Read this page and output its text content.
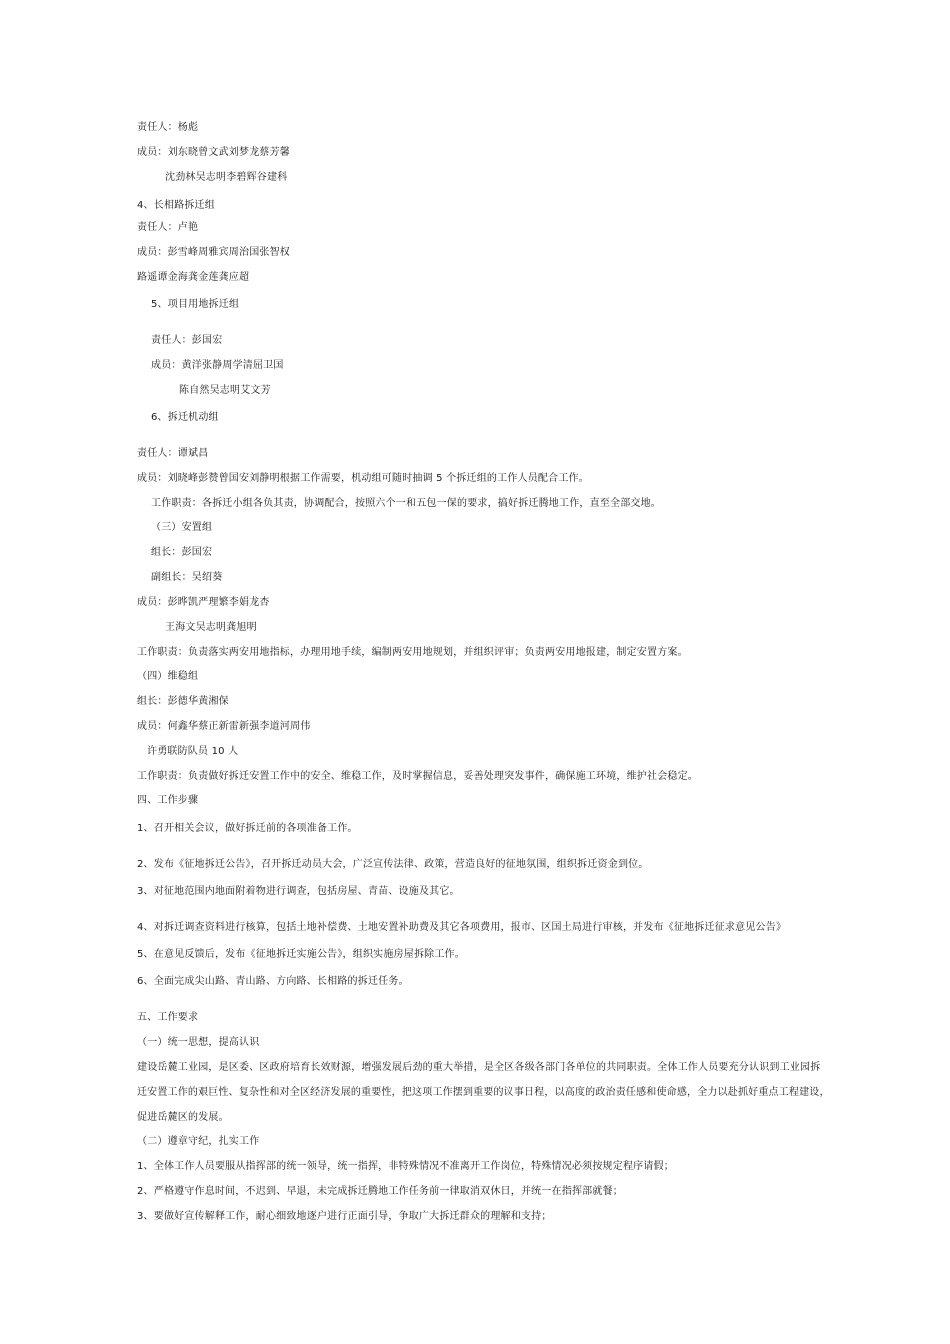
责任人：杨彪
成员：刘东晓曾文武刘梦龙蔡芳馨
沈劲林吴志明李碧辉谷建科
4、长相路拆迁组
责任人：卢艳
成员：彭雪峰周雅宾周治国张智权
路遥谭金海龚金莲龚应超
5、项目用地拆迁组
责任人：彭国宏
成员：黄洋张静周学清屈卫国
陈自然吴志明艾文芳
6、拆迁机动组
责任人：谭斌昌
成员：刘晓峰彭赞曾国安刘静明根据工作需要，机动组可随时抽调 5 个拆迁组的工作人员配合工作。
工作职责：各拆迁小组各负其责，协调配合，按照六个一和五包一保的要求，搞好拆迁腾地工作，直至全部交地。
（三）安置组
组长：彭国宏
副组长：吴绍葵
成员：彭晔凯严理繁李娟龙杏
王海文吴志明龚旭明
工作职责：负责落实两安用地指标，办理用地手续，编制两安用地规划，并组织评审；负责两安用地报建，制定安置方案。
（四）维稳组
组长：彭德华黄湘保
成员：何鑫华蔡正新雷新强李道河周伟
许勇联防队员 10 人
工作职责：负责做好拆迁安置工作中的安全、维稳工作，及时掌握信息，妥善处理突发事件，确保施工环境，维护社会稳定。
四、工作步骤
1、召开相关会议，做好拆迁前的各项准备工作。
2、发布《征地拆迁公告》，召开拆迁动员大会，广泛宣传法律、政策，营造良好的征地氛围，组织拆迁资金到位。
3、对征地范围内地面附着物进行调查，包括房屋、青苗、设施及其它。
4、对拆迁调查资料进行核算，包括土地补偿费、土地安置补助费及其它各项费用，报市、区国土局进行审核，并发布《征地拆迁征求意见公告》
5、在意见反馈后，发布《征地拆迁实施公告》，组织实施房屋拆除工作。
6、全面完成尖山路、青山路、方向路、长相路的拆迁任务。
五、工作要求
（一）统一思想，提高认识
建设岳麓工业园，是区委、区政府培育长效财源，增强发展后劲的重大举措，是全区各级各部门各单位的共同职责。全体工作人员要充分认识到工业园拆
迁安置工作的艰巨性、复杂性和对全区经济发展的重要性，把这项工作摆到重要的议事日程，以高度的政治责任感和使命感，全力以赴抓好重点工程建设，
促进岳麓区的发展。
（二）遵章守纪，扎实工作
1、全体工作人员要服从指挥部的统一领导，统一指挥，非特殊情况不准离开工作岗位，特殊情况必须按规定程序请假；
2、严格遵守作息时间，不迟到、早退，未完成拆迁腾地工作任务前一律取消双休日，并统一在指挥部就餐；
3、要做好宣传解释工作，耐心细致地逐户进行正面引导，争取广大拆迁群众的理解和支持；
